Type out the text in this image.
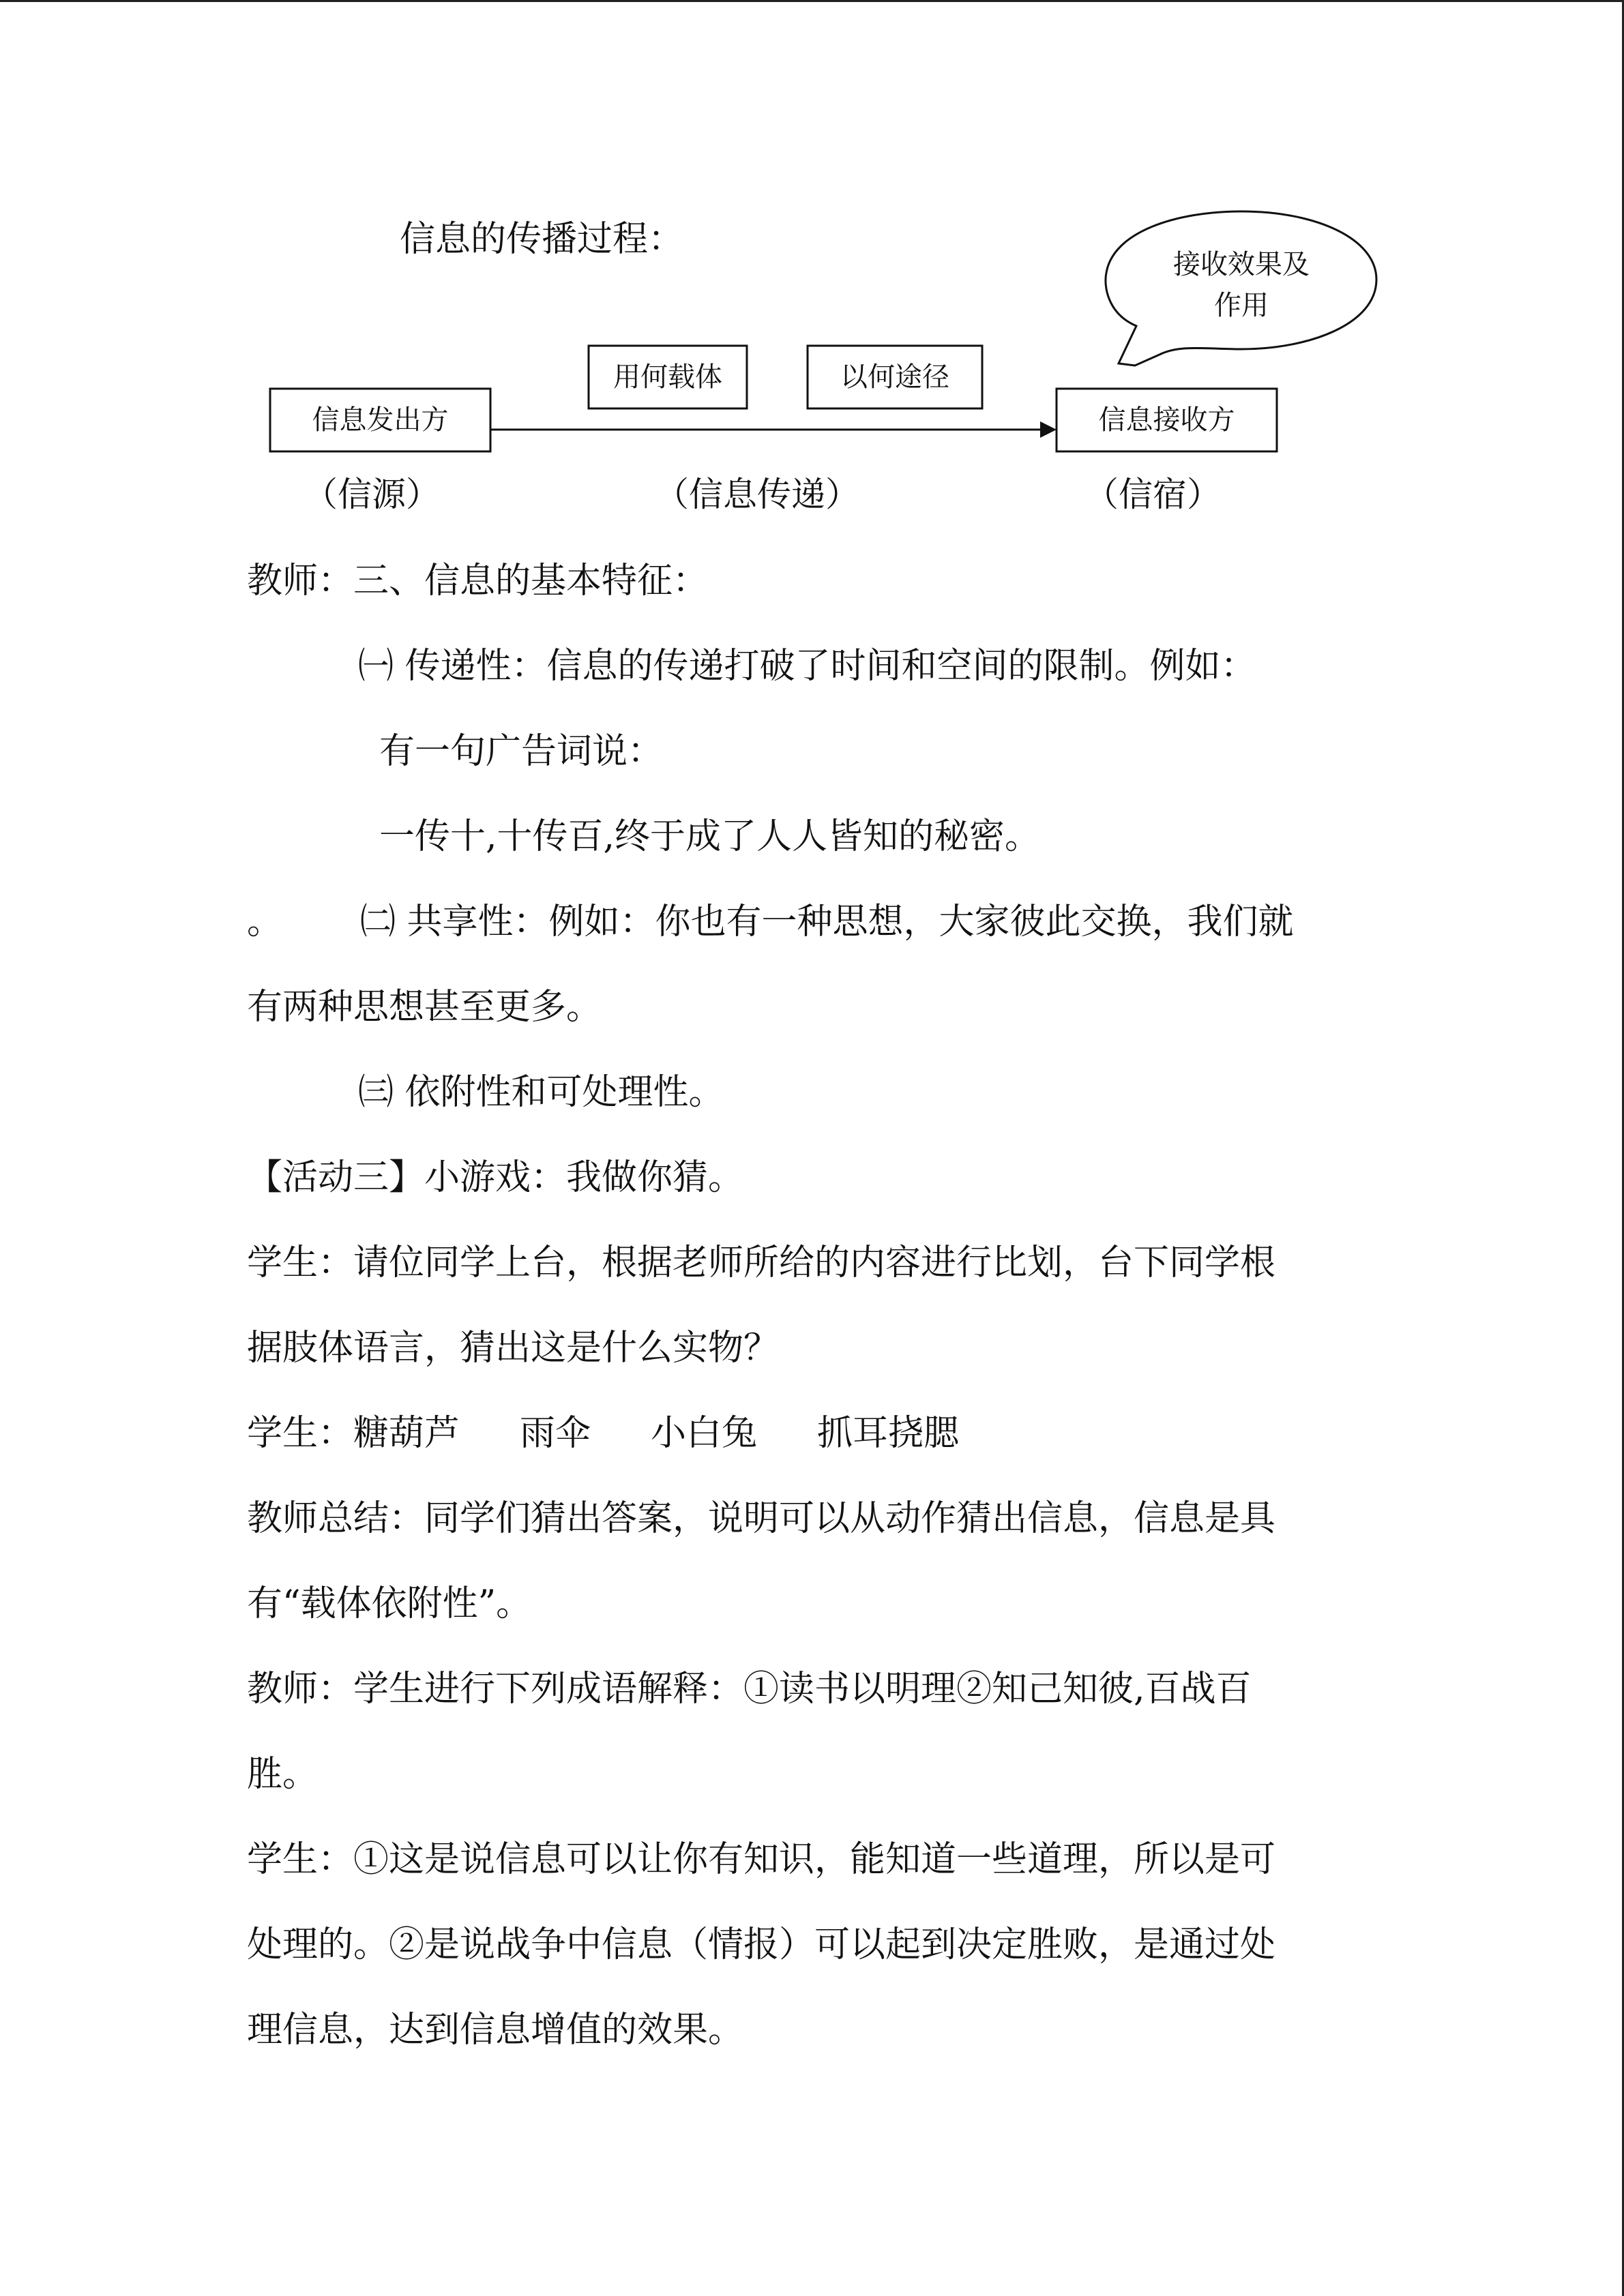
信息的传播过程：
信息发出方	信息接收方
用何载体	以何途径
接收效果及
作用
（信源）	（信息传递）	（信宿）
教师：三、信息的基本特征：
㈠ 传递性：信息的传递打破了时间和空间的限制。例如：
有一句广告词说：
一传十,十传百,终于成了人人皆知的秘密。
。 ㈡ 共享性：例如：你也有一种思想，大家彼此交换，我们就
有两种思想甚至更多。
㈢ 依附性和可处理性。
【活动三】小游戏：我做你猜。
学生：请位同学上台，根据老师所给的内容进行比划，台下同学根
据肢体语言，猜出这是什么实物？
学生：糖葫芦 雨伞 小白兔 抓耳挠腮
教师总结：同学们猜出答案，说明可以从动作猜出信息，信息是具
有“载体依附性”。
教师：学生进行下列成语解释：①读书以明理②知己知彼,百战百
胜。
学生：①这是说信息可以让你有知识，能知道一些道理，所以是可
处理的。②是说战争中信息（情报）可以起到决定胜败，是通过处
理信息，达到信息增值的效果。
